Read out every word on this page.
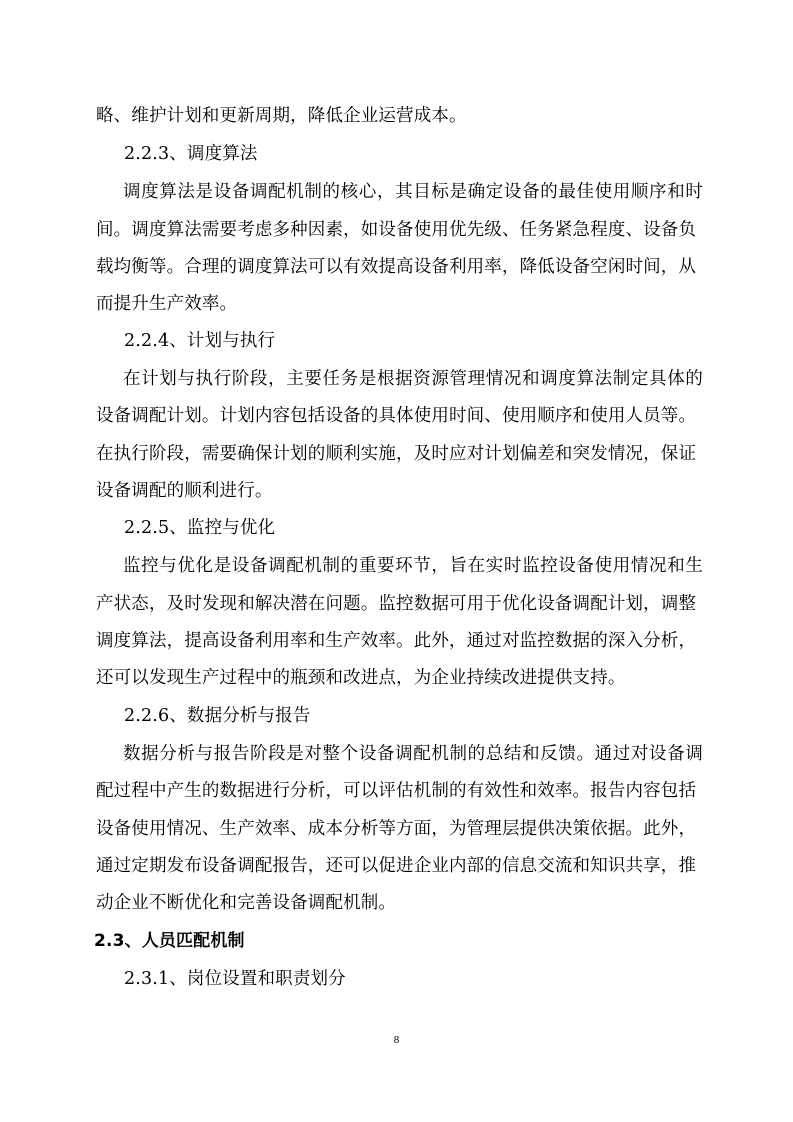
略、维护计划和更新周期，降低企业运营成本。
2.2.3、调度算法
调度算法是设备调配机制的核心，其目标是确定设备的最佳使用顺序和时
间。调度算法需要考虑多种因素，如设备使用优先级、任务紧急程度、设备负
载均衡等。合理的调度算法可以有效提高设备利用率，降低设备空闲时间，从
而提升生产效率。
2.2.4、计划与执行
在计划与执行阶段，主要任务是根据资源管理情况和调度算法制定具体的
设备调配计划。计划内容包括设备的具体使用时间、使用顺序和使用人员等。
在执行阶段，需要确保计划的顺利实施，及时应对计划偏差和突发情况，保证
设备调配的顺利进行。
2.2.5、监控与优化
监控与优化是设备调配机制的重要环节，旨在实时监控设备使用情况和生
产状态，及时发现和解决潜在问题。监控数据可用于优化设备调配计划，调整
调度算法，提高设备利用率和生产效率。此外，通过对监控数据的深入分析，
还可以发现生产过程中的瓶颈和改进点，为企业持续改进提供支持。
2.2.6、数据分析与报告
数据分析与报告阶段是对整个设备调配机制的总结和反馈。通过对设备调
配过程中产生的数据进行分析，可以评估机制的有效性和效率。报告内容包括
设备使用情况、生产效率、成本分析等方面，为管理层提供决策依据。此外，
通过定期发布设备调配报告，还可以促进企业内部的信息交流和知识共享，推
动企业不断优化和完善设备调配机制。
2.3、人员匹配机制
2.3.1、岗位设置和职责划分
8
